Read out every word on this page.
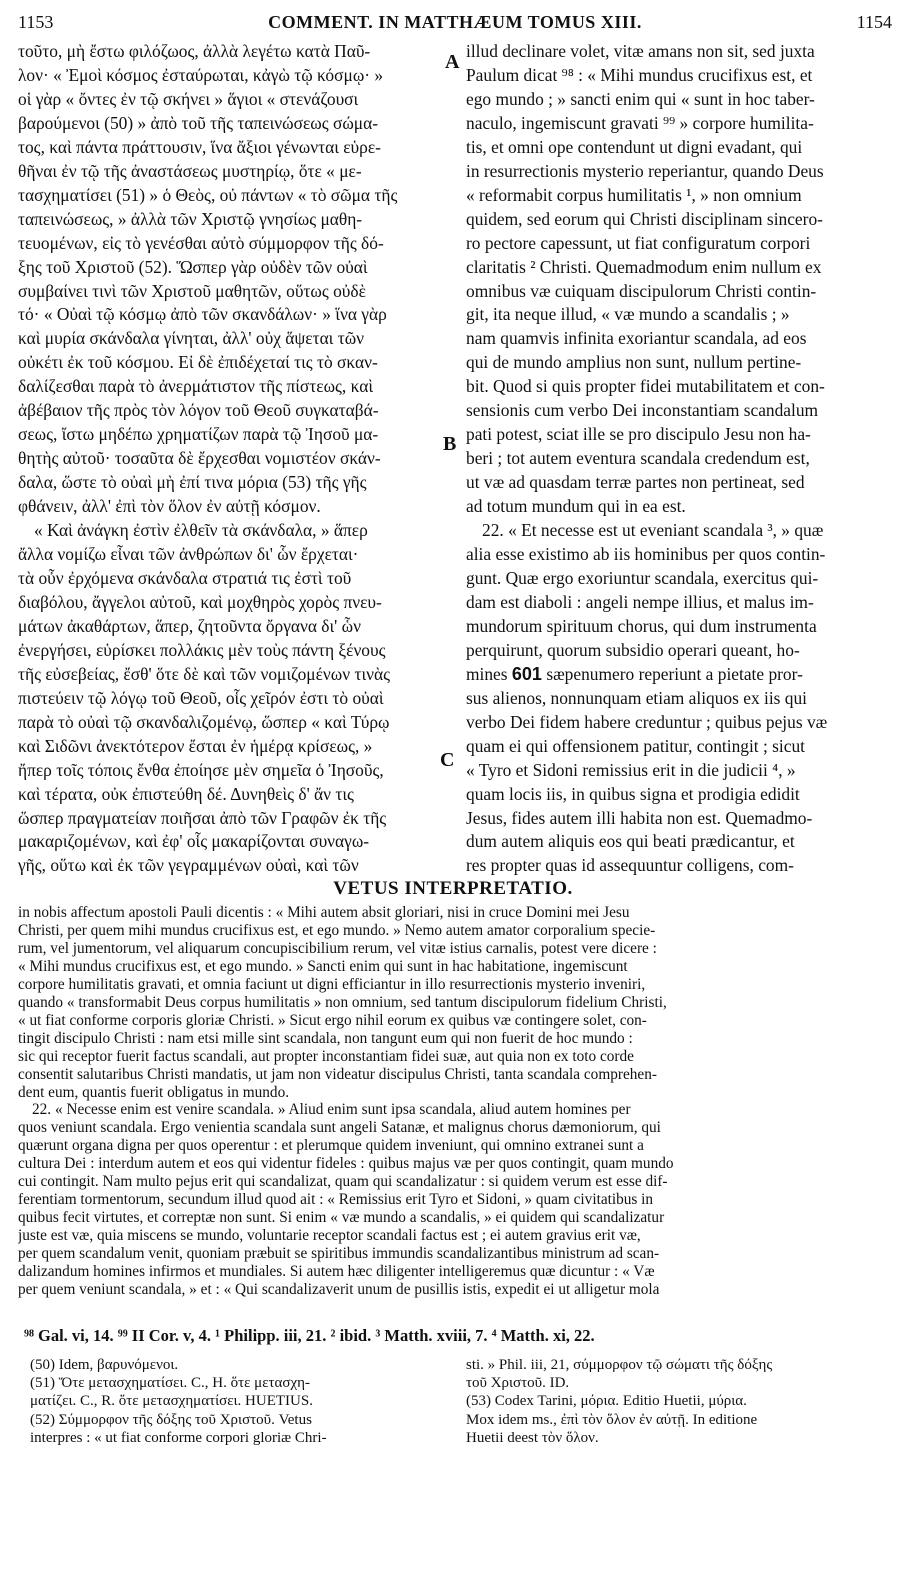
1153	COMMENT. IN MATTHÆUM TOMUS XIII.	1154
τοῦτο, μὴ ἔστω φιλόζωος, ἀλλὰ λεγέτω κατὰ Παῦ-
λον· « Ἐμοὶ κόσμος ἐσταύρωται, κἀγὼ τῷ κόσμῳ· »
οἱ γὰρ « ὄντες ἐν τῷ σκήνει » ἅγιοι « στενάζουσι
βαρούμενοι (50) » ἀπὸ τοῦ τῆς ταπεινώσεως σώμα-
τος, καὶ πάντα πράττουσιν, ἵνα ἄξιοι γένωνται εὑρε-
θῆναι ἐν τῷ τῆς ἀναστάσεως μυστηρίῳ, ὅτε « με-
τασχηματίσει (51) » ὁ Θεὸς, οὐ πάντων « τὸ σῶμα τῆς
ταπεινώσεως, » ἀλλὰ τῶν Χριστῷ γνησίως μαθη-
τευομένων, εἰς τὸ γενέσθαι αὐτὸ σύμμορφον τῆς δό-
ξης τοῦ Χριστοῦ (52). Ὥσπερ γὰρ οὐδὲν τῶν οὐαὶ
συμβαίνει τινὶ τῶν Χριστοῦ μαθητῶν, οὕτως οὐδὲ
τό· « Οὐαὶ τῷ κόσμῳ ἀπὸ τῶν σκανδάλων· » ἵνα γὰρ
καὶ μυρία σκάνδαλα γίνηται, ἀλλ' οὐχ ἅψεται τῶν
οὐκέτι ἐκ τοῦ κόσμου. Εἰ δὲ ἐπιδέχεταί τις τὸ σκαν-
δαλίζεσθαι παρὰ τὸ ἀνερμάτιστον τῆς πίστεως, καὶ
ἀβέβαιον τῆς πρὸς τὸν λόγον τοῦ Θεοῦ συγκαταβά-
σεως, ἴστω μηδέπω χρηματίζων παρὰ τῷ Ἰησοῦ μα-
θητὴς αὐτοῦ· τοσαῦτα δὲ ἔρχεσθαι νομιστέον σκάν-
δαλα, ὥστε τὸ οὐαὶ μὴ ἐπί τινα μόρια (53) τῆς γῆς
φθάνειν, ἀλλ' ἐπὶ τὸν ὅλον ἐν αὐτῇ κόσμον.
« Καὶ ἀνάγκη ἐστὶν ἐλθεῖν τὰ σκάνδαλα, » ἅπερ
ἄλλα νομίζω εἶναι τῶν ἀνθρώπων δι' ὧν ἔρχεται·
τὰ οὖν ἐρχόμενα σκάνδαλα στρατιά τις ἐστὶ τοῦ
διαβόλου, ἄγγελοι αὐτοῦ, καὶ μοχθηρὸς χορὸς πνευ-
μάτων ἀκαθάρτων, ἅπερ, ζητοῦντα ὄργανα δι' ὧν
ἐνεργήσει, εὑρίσκει πολλάκις μὲν τοὺς πάντη ξένους
τῆς εὐσεβείας, ἔσθ' ὅτε δὲ καὶ τῶν νομιζομένων τινὰς
πιστεύειν τῷ λόγῳ τοῦ Θεοῦ, οἷς χεῖρόν ἐστι τὸ οὐαὶ
παρὰ τὸ οὐαὶ τῷ σκανδαλιζομένῳ, ὥσπερ « καὶ Τύρῳ
καὶ Σιδῶνι ἀνεκτότερον ἔσται ἐν ἡμέρᾳ κρίσεως, »
ἤπερ τοῖς τόποις ἔνθα ἐποίησε μὲν σημεῖα ὁ Ἰησοῦς,
καὶ τέρατα, οὐκ ἐπιστεύθη δέ. Δυνηθεὶς δ' ἄν τις
ὥσπερ πραγματείαν ποιῆσαι ἀπὸ τῶν Γραφῶν ἐκ τῆς
μακαριζομένων, καὶ ἐφ' οἷς μακαρίζονται συναγω-
γῆς, οὕτω καὶ ἐκ τῶν γεγραμμένων οὐαὶ, καὶ τῶν
A
B
C
illud declinare volet, vitæ amans non sit, sed juxta
Paulum dicat ⁹⁸ : « Mihi mundus crucifixus est, et
ego mundo ; » sancti enim qui « sunt in hoc taber-
naculo, ingemiscunt gravati ⁹⁹ » corpore humilita-
tis, et omni ope contendunt ut digni evadant, qui
in resurrectionis mysterio reperiantur, quando Deus
« reformabit corpus humilitatis ¹, » non omnium
quidem, sed eorum qui Christi disciplinam sincero-
ro pectore capessunt, ut fiat configuratum corpori
claritatis ² Christi. Quemadmodum enim nullum ex
omnibus væ cuiquam discipulorum Christi contin-
git, ita neque illud, « væ mundo a scandalis ; »
nam quamvis infinita exoriantur scandala, ad eos
qui de mundo amplius non sunt, nullum pertine-
bit. Quod si quis propter fidei mutabilitatem et con-
sensionis cum verbo Dei inconstantiam scandalum
pati potest, sciat ille se pro discipulo Jesu non ha-
beri ; tot autem eventura scandala credendum est,
ut væ ad quasdam terræ partes non pertineat, sed
ad totum mundum qui in ea est.
22. « Et necesse est ut eveniant scandala ³, » quæ
alia esse existimo ab iis hominibus per quos contin-
gunt. Quæ ergo exoriuntur scandala, exercitus qui-
dam est diaboli : angeli nempe illius, et malus im-
mundorum spirituum chorus, qui dum instrumenta
perquirunt, quorum subsidio operari queant, ho-
mines 601 sæpenumero reperiunt a pietate pror-
sus alienos, nonnunquam etiam aliquos ex iis qui
verbo Dei fidem habere creduntur ; quibus pejus væ
quam ei qui offensionem patitur, contingit ; sicut
« Tyro et Sidoni remissius erit in die judicii ⁴, »
quam locis iis, in quibus signa et prodigia edidit
Jesus, fides autem illi habita non est. Quemadmo-
dum autem aliquis eos qui beati prædicantur, et
res propter quas id assequuntur colligens, com-
VETUS INTERPRETATIO.
in nobis affectum apostoli Pauli dicentis : « Mihi autem absit gloriari, nisi in cruce Domini mei Jesu
Christi, per quem mihi mundus crucifixus est, et ego mundo. » Nemo autem amator corporalium specie-
rum, vel jumentorum, vel aliquarum concupiscibilium rerum, vel vitæ istius carnalis, potest vere dicere :
« Mihi mundus crucifixus est, et ego mundo. » Sancti enim qui sunt in hac habitatione, ingemiscunt
corpore humilitatis gravati, et omnia faciunt ut digni efficiantur in illo resurrectionis mysterio inveniri,
quando « transformabit Deus corpus humilitatis » non omnium, sed tantum discipulorum fidelium Christi,
« ut fiat conforme corporis gloriæ Christi. » Sicut ergo nihil eorum ex quibus væ contingere solet, con-
tingit discipulo Christi : nam etsi mille sint scandala, non tangunt eum qui non fuerit de hoc mundo :
sic qui receptor fuerit factus scandali, aut propter inconstantiam fidei suæ, aut quia non ex toto corde
consentit salutaribus Christi mandatis, ut jam non videatur discipulus Christi, tanta scandala comprehen-
dent eum, quantis fuerit obligatus in mundo.
22. « Necesse enim est venire scandala. » Aliud enim sunt ipsa scandala, aliud autem homines per
quos veniunt scandala. Ergo venientia scandala sunt angeli Satanæ, et malignus chorus dæmoniorum, qui
quærunt organa digna per quos operentur : et plerumque quidem inveniunt, qui omnino extranei sunt a
cultura Dei : interdum autem et eos qui videntur fideles : quibus majus væ per quos contingit, quam mundo
cui contingit. Nam multo pejus erit qui scandalizat, quam qui scandalizatur : si quidem verum est esse dif-
ferentiam tormentorum, secundum illud quod ait : « Remissius erit Tyro et Sidoni, » quam civitatibus in
quibus fecit virtutes, et correptæ non sunt. Si enim « væ mundo a scandalis, » ei quidem qui scandalizatur
juste est væ, quia miscens se mundo, voluntarie receptor scandali factus est ; ei autem gravius erit væ,
per quem scandalum venit, quoniam præbuit se spiritibus immundis scandalizantibus ministrum ad scan-
dalizandum homines infirmos et mundiales. Si autem hæc diligenter intelligeremus quæ dicuntur : « Væ
per quem veniunt scandala, » et : « Qui scandalizaverit unum de pusillis istis, expedit ei ut alligetur mola
⁹⁸ Gal. vi, 14. ⁹⁹ II Cor. v, 4. ¹ Philipp. iii, 21. ² ibid. ³ Matth. xviii, 7. ⁴ Matth. xi, 22.
(50) Idem, βαρυνόμενοι.
(51) Ὅτε μετασχηματίσει. C., H. ὅτε μετασχη-
ματίζει. C., R. ὅτε μετασχηματίσει. HUETIUS.
(52) Σύμμορφον τῆς δόξης τοῦ Χριστοῦ. Vetus
interpres : « ut fiat conforme corpori gloriæ Chri-
sti. » Phil. iii, 21, σύμμορφον τῷ σώματι τῆς δόξης
τοῦ Χριστοῦ. ID.
(53) Codex Tarini, μόρια. Editio Huetii, μύρια.
Mox idem ms., ἐπὶ τὸν ὅλον ἐν αὐτῇ. In editione
Huetii deest τὸν ὅλον.
